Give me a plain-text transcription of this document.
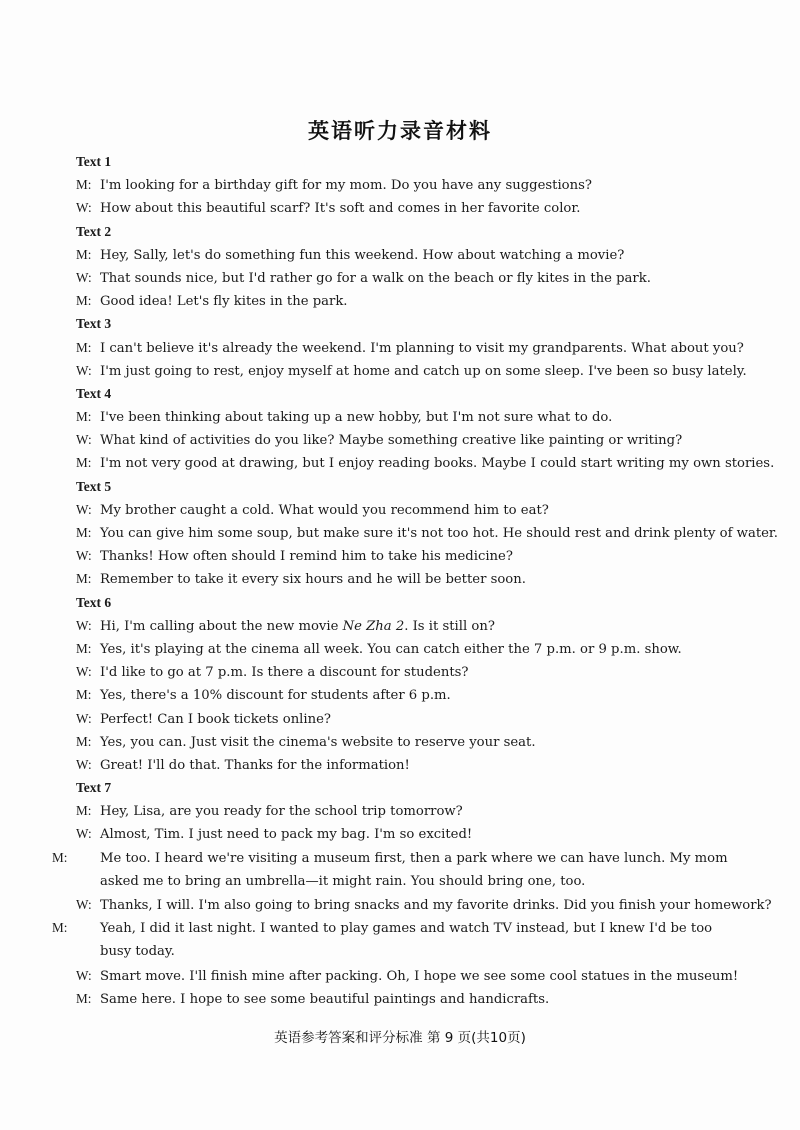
英语听力录音材料
Text 1
M: I'm looking for a birthday gift for my mom. Do you have any suggestions?
W: How about this beautiful scarf? It's soft and comes in her favorite color.
Text 2
M: Hey, Sally, let's do something fun this weekend. How about watching a movie?
W: That sounds nice, but I'd rather go for a walk on the beach or fly kites in the park.
M: Good idea! Let's fly kites in the park.
Text 3
M: I can't believe it's already the weekend. I'm planning to visit my grandparents. What about you?
W: I'm just going to rest, enjoy myself at home and catch up on some sleep. I've been so busy lately.
Text 4
M: I've been thinking about taking up a new hobby, but I'm not sure what to do.
W: What kind of activities do you like? Maybe something creative like painting or writing?
M: I'm not very good at drawing, but I enjoy reading books. Maybe I could start writing my own stories.
Text 5
W: My brother caught a cold. What would you recommend him to eat?
M: You can give him some soup, but make sure it's not too hot. He should rest and drink plenty of water.
W: Thanks! How often should I remind him to take his medicine?
M: Remember to take it every six hours and he will be better soon.
Text 6
W: Hi, I'm calling about the new movie Ne Zha 2. Is it still on?
M: Yes, it's playing at the cinema all week. You can catch either the 7 p.m. or 9 p.m. show.
W: I'd like to go at 7 p.m. Is there a discount for students?
M: Yes, there's a 10% discount for students after 6 p.m.
W: Perfect! Can I book tickets online?
M: Yes, you can. Just visit the cinema's website to reserve your seat.
W: Great! I'll do that. Thanks for the information!
Text 7
M: Hey, Lisa, are you ready for the school trip tomorrow?
W: Almost, Tim. I just need to pack my bag. I'm so excited!
M: Me too. I heard we're visiting a museum first, then a park where we can have lunch. My mom asked me to bring an umbrella—it might rain. You should bring one, too.
W: Thanks, I will. I'm also going to bring snacks and my favorite drinks. Did you finish your homework?
M: Yeah, I did it last night. I wanted to play games and watch TV instead, but I knew I'd be too busy today.
W: Smart move. I'll finish mine after packing. Oh, I hope we see some cool statues in the museum!
M: Same here. I hope to see some beautiful paintings and handicrafts.
英语参考答案和评分标准 第 9 页(共10页)
